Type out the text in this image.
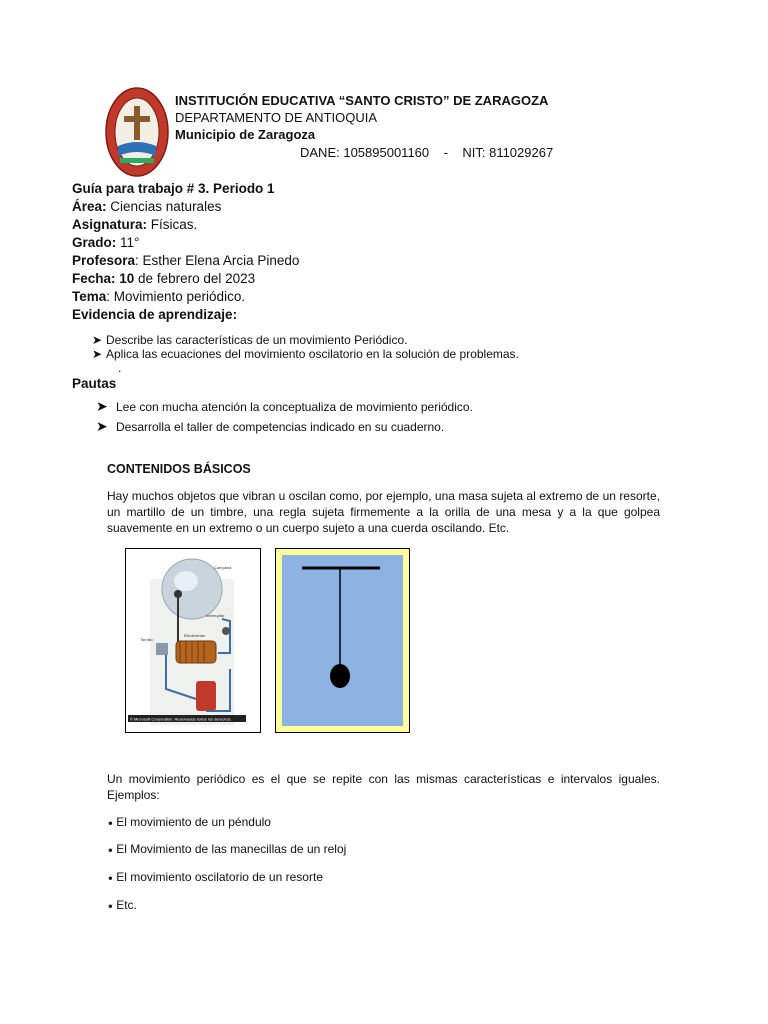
INSTITUCIÓN EDUCATIVA “SANTO CRISTO” DE ZARAGOZA
DEPARTAMENTO DE ANTIOQUIA
Municipio de Zaragoza
DANE: 105895001160    -    NIT: 811029267
Guía para trabajo # 3. Periodo 1
Área: Ciencias naturales
Asignatura: Físicas.
Grado: 11°
Profesora: Esther Elena Arcia Pinedo
Fecha: 10 de febrero del 2023
Tema: Movimiento periódico.
Evidencia de aprendizaje:
➤ Describe las características de un movimiento Periódico.
➤ Aplica las ecuaciones del movimiento oscilatorio en la solución de problemas.
.
Pautas
➤ Lee con mucha atención la conceptualiza de movimiento periódico.
➤ Desarrolla el taller de competencias indicado en su cuaderno.
CONTENIDOS BÁSICOS
Hay muchos objetos que vibran u oscilan como, por ejemplo, una masa sujeta al extremo de un resorte, un martillo de un timbre, una regla sujeta firmemente a la orilla de una mesa y a la que golpea suavemente en un extremo o un cuerpo sujeto a una cuerda oscilando. Etc.
Campana
Interruptor
Electroimán
Tornillo
© Microsoft Corporation. Reservados todos los derechos.
Un movimiento periódico es el que se repite con las mismas características e intervalos iguales. Ejemplos:
● El movimiento de un péndulo
● El Movimiento de las manecillas de un reloj
● El movimiento oscilatorio de un resorte
● Etc.
